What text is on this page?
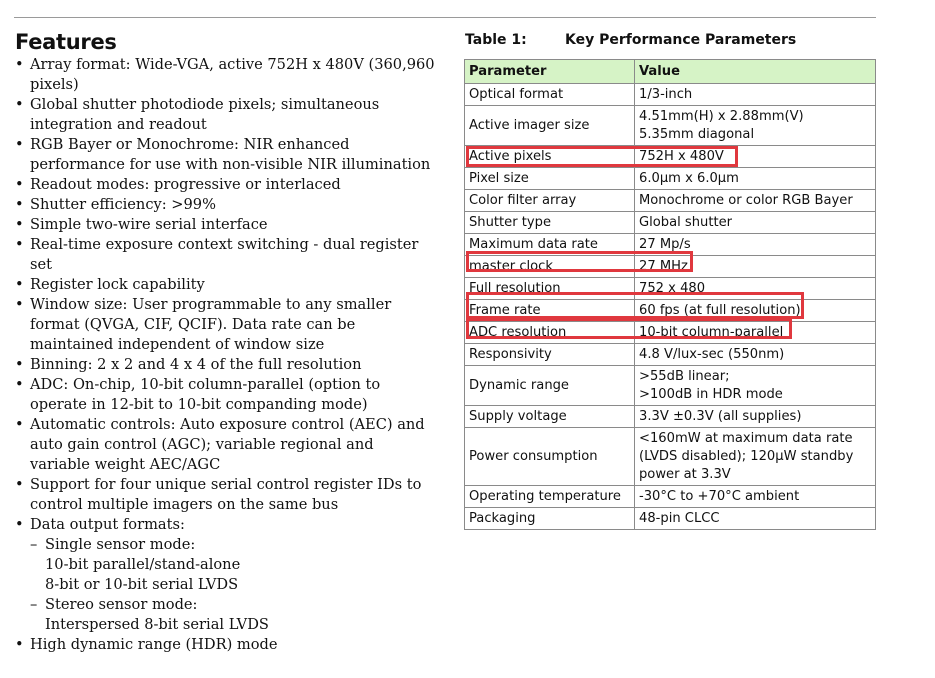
Features
• Array format: Wide-VGA, active 752H x 480V (360,960 pixels)
• Global shutter photodiode pixels; simultaneous integration and readout
• RGB Bayer or Monochrome: NIR enhanced performance for use with non-visible NIR illumination
• Readout modes: progressive or interlaced
• Shutter efficiency: >99%
• Simple two-wire serial interface
• Real-time exposure context switching - dual register set
• Register lock capability
• Window size: User programmable to any smaller format (QVGA, CIF, QCIF). Data rate can be maintained independent of window size
• Binning: 2 x 2 and 4 x 4 of the full resolution
• ADC: On-chip, 10-bit column-parallel (option to operate in 12-bit to 10-bit companding mode)
• Automatic controls: Auto exposure control (AEC) and auto gain control (AGC); variable regional and variable weight AEC/AGC
• Support for four unique serial control register IDs to control multiple imagers on the same bus
• Data output formats:
– Single sensor mode:
10-bit parallel/stand-alone
8-bit or 10-bit serial LVDS
– Stereo sensor mode:
Interspersed 8-bit serial LVDS
• High dynamic range (HDR) mode
Table 1:	Key Performance Parameters
Parameter	Value
Optical format	1/3-inch

Active imager size	4.51mm(H) x 2.88mm(V)
5.35mm diagonal

Active pixels	752H x 480V

Pixel size	6.0µm x 6.0µm

Color filter array	Monochrome or color RGB Bayer

Shutter type	Global shutter

Maximum data rate	27 Mp/s

master clock	27 MHz

Full resolution	752 x 480

Frame rate	60 fps (at full resolution)

ADC resolution	10-bit column-parallel

Responsivity	4.8 V/lux-sec (550nm)

Dynamic range	>55dB linear;
>100dB in HDR mode

Supply voltage	3.3V ±0.3V (all supplies)

Power consumption	<160mW at maximum data rate
(LVDS disabled); 120µW standby
power at 3.3V

Operating temperature	-30°C to +70°C ambient

Packaging	48-pin CLCC
